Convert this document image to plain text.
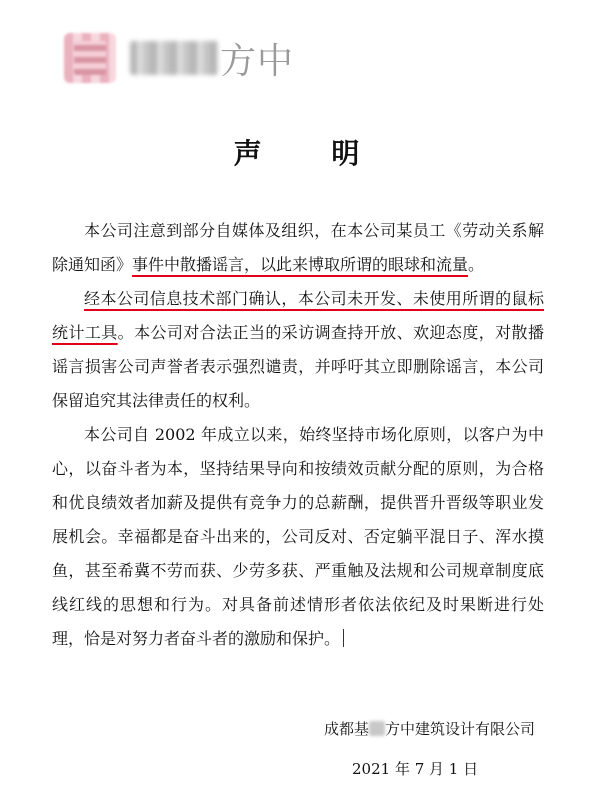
方中
声 明

本公司注意到部分自媒体及组织，在本公司某员工《劳动关系解除通知函》事件中散播谣言，以此来博取所谓的眼球和流量。

经本公司信息技术部门确认，本公司未开发、未使用所谓的鼠标统计工具。本公司对合法正当的采访调查持开放、欢迎态度，对散播谣言损害公司声誉者表示强烈谴责，并呼吁其立即删除谣言，本公司保留追究其法律责任的权利。

本公司自 2002 年成立以来，始终坚持市场化原则，以客户为中心，以奋斗者为本，坚持结果导向和按绩效贡献分配的原则，为合格和优良绩效者加薪及提供有竞争力的总薪酬，提供晋升晋级等职业发展机会。幸福都是奋斗出来的，公司反对、否定躺平混日子、浑水摸鱼，甚至希冀不劳而获、少劳多获、严重触及法规和公司规章制度底线红线的思想和行为。对具备前述情形者依法依纪及时果断进行处理，恰是对努力者奋斗者的激励和保护。

成都基 方中建筑设计有限公司
2021 年 7 月 1 日
